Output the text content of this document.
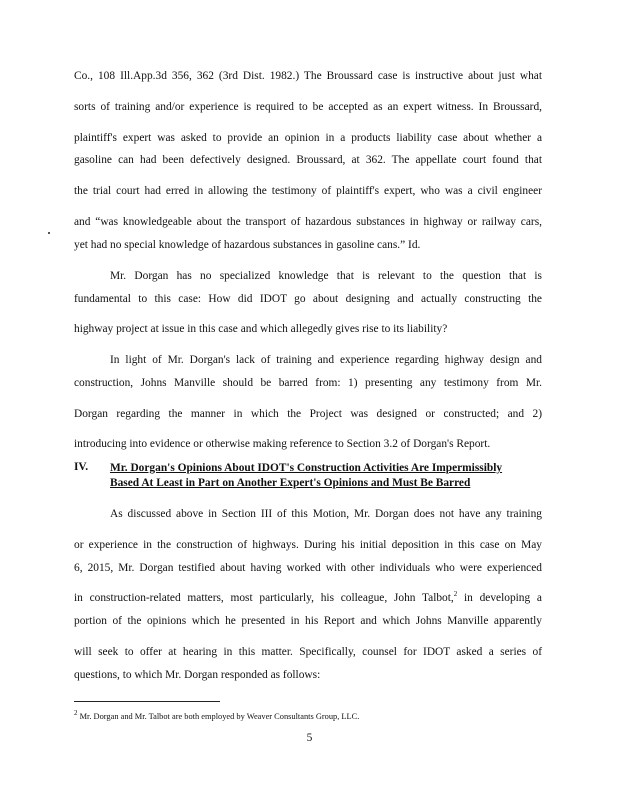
Co., 108 Ill.App.3d 356, 362 (3rd Dist. 1982.) The Broussard case is instructive about just what
sorts of training and/or experience is required to be accepted as an expert witness. In Broussard,
plaintiff's expert was asked to provide an opinion in a products liability case about whether a
gasoline can had been defectively designed. Broussard, at 362. The appellate court found that
the trial court had erred in allowing the testimony of plaintiff's expert, who was a civil engineer
and “was knowledgeable about the transport of hazardous substances in highway or railway cars,
yet had no special knowledge of hazardous substances in gasoline cans.” Id.
Mr. Dorgan has no specialized knowledge that is relevant to the question that is
fundamental to this case: How did IDOT go about designing and actually constructing the
highway project at issue in this case and which allegedly gives rise to its liability?
In light of Mr. Dorgan's lack of training and experience regarding highway design and
construction, Johns Manville should be barred from: 1) presenting any testimony from Mr.
Dorgan regarding the manner in which the Project was designed or constructed; and 2)
introducing into evidence or otherwise making reference to Section 3.2 of Dorgan's Report.
IV. Mr. Dorgan's Opinions About IDOT's Construction Activities Are Impermissibly
Based At Least in Part on Another Expert's Opinions and Must Be Barred
As discussed above in Section III of this Motion, Mr. Dorgan does not have any training
or experience in the construction of highways. During his initial deposition in this case on May
6, 2015, Mr. Dorgan testified about having worked with other individuals who were experienced
in construction-related matters, most particularly, his colleague, John Talbot,$^2$ in developing a
portion of the opinions which he presented in his Report and which Johns Manville apparently
will seek to offer at hearing in this matter. Specifically, counsel for IDOT asked a series of
questions, to which Mr. Dorgan responded as follows:
$^2$ Mr. Dorgan and Mr. Talbot are both employed by Weaver Consultants Group, LLC.
5
